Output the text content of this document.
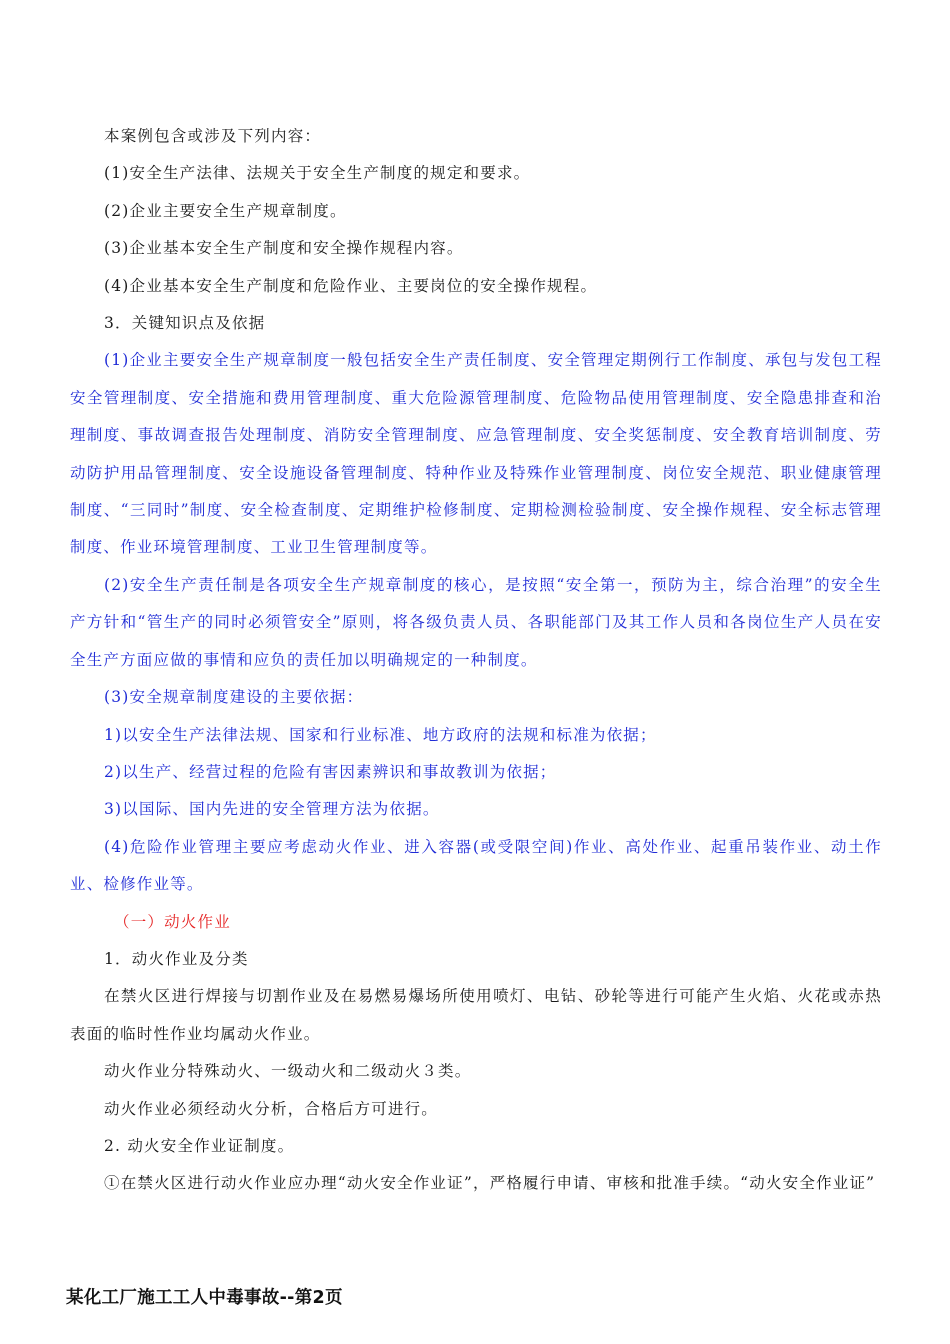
本案例包含或涉及下列内容：

(1)安全生产法律、法规关于安全生产制度的规定和要求。

(2)企业主要安全生产规章制度。

(3)企业基本安全生产制度和安全操作规程内容。

(4)企业基本安全生产制度和危险作业、主要岗位的安全操作规程。

3．关键知识点及依据

(1)企业主要安全生产规章制度一般包括安全生产责任制度、安全管理定期例行工作制度、承包与发包工程安全管理制度、安全措施和费用管理制度、重大危险源管理制度、危险物品使用管理制度、安全隐患排查和治理制度、事故调查报告处理制度、消防安全管理制度、应急管理制度、安全奖惩制度、安全教育培训制度、劳动防护用品管理制度、安全设施设备管理制度、特种作业及特殊作业管理制度、岗位安全规范、职业健康管理制度、“三同时”制度、安全检查制度、定期维护检修制度、定期检测检验制度、安全操作规程、安全标志管理制度、作业环境管理制度、工业卫生管理制度等。

(2)安全生产责任制是各项安全生产规章制度的核心，是按照“安全第一，预防为主，综合治理”的安全生产方针和“管生产的同时必须管安全”原则，将各级负责人员、各职能部门及其工作人员和各岗位生产人员在安全生产方面应做的事情和应负的责任加以明确规定的一种制度。

(3)安全规章制度建设的主要依据：

1)以安全生产法律法规、国家和行业标准、地方政府的法规和标准为依据；

2)以生产、经营过程的危险有害因素辨识和事故教训为依据；

3)以国际、国内先进的安全管理方法为依据。

(4)危险作业管理主要应考虑动火作业、进入容器(或受限空间)作业、高处作业、起重吊装作业、动土作业、检修作业等。

（一）动火作业

1．动火作业及分类

在禁火区进行焊接与切割作业及在易燃易爆场所使用喷灯、电钻、砂轮等进行可能产生火焰、火花或赤热表面的临时性作业均属动火作业。

动火作业分特殊动火、一级动火和二级动火３类。

动火作业必须经动火分析，合格后方可进行。

2. 动火安全作业证制度。

①在禁火区进行动火作业应办理“动火安全作业证”，严格履行申请、审核和批准手续。“动火安全作业证”

某化工厂施工工人中毒事故--第2页
